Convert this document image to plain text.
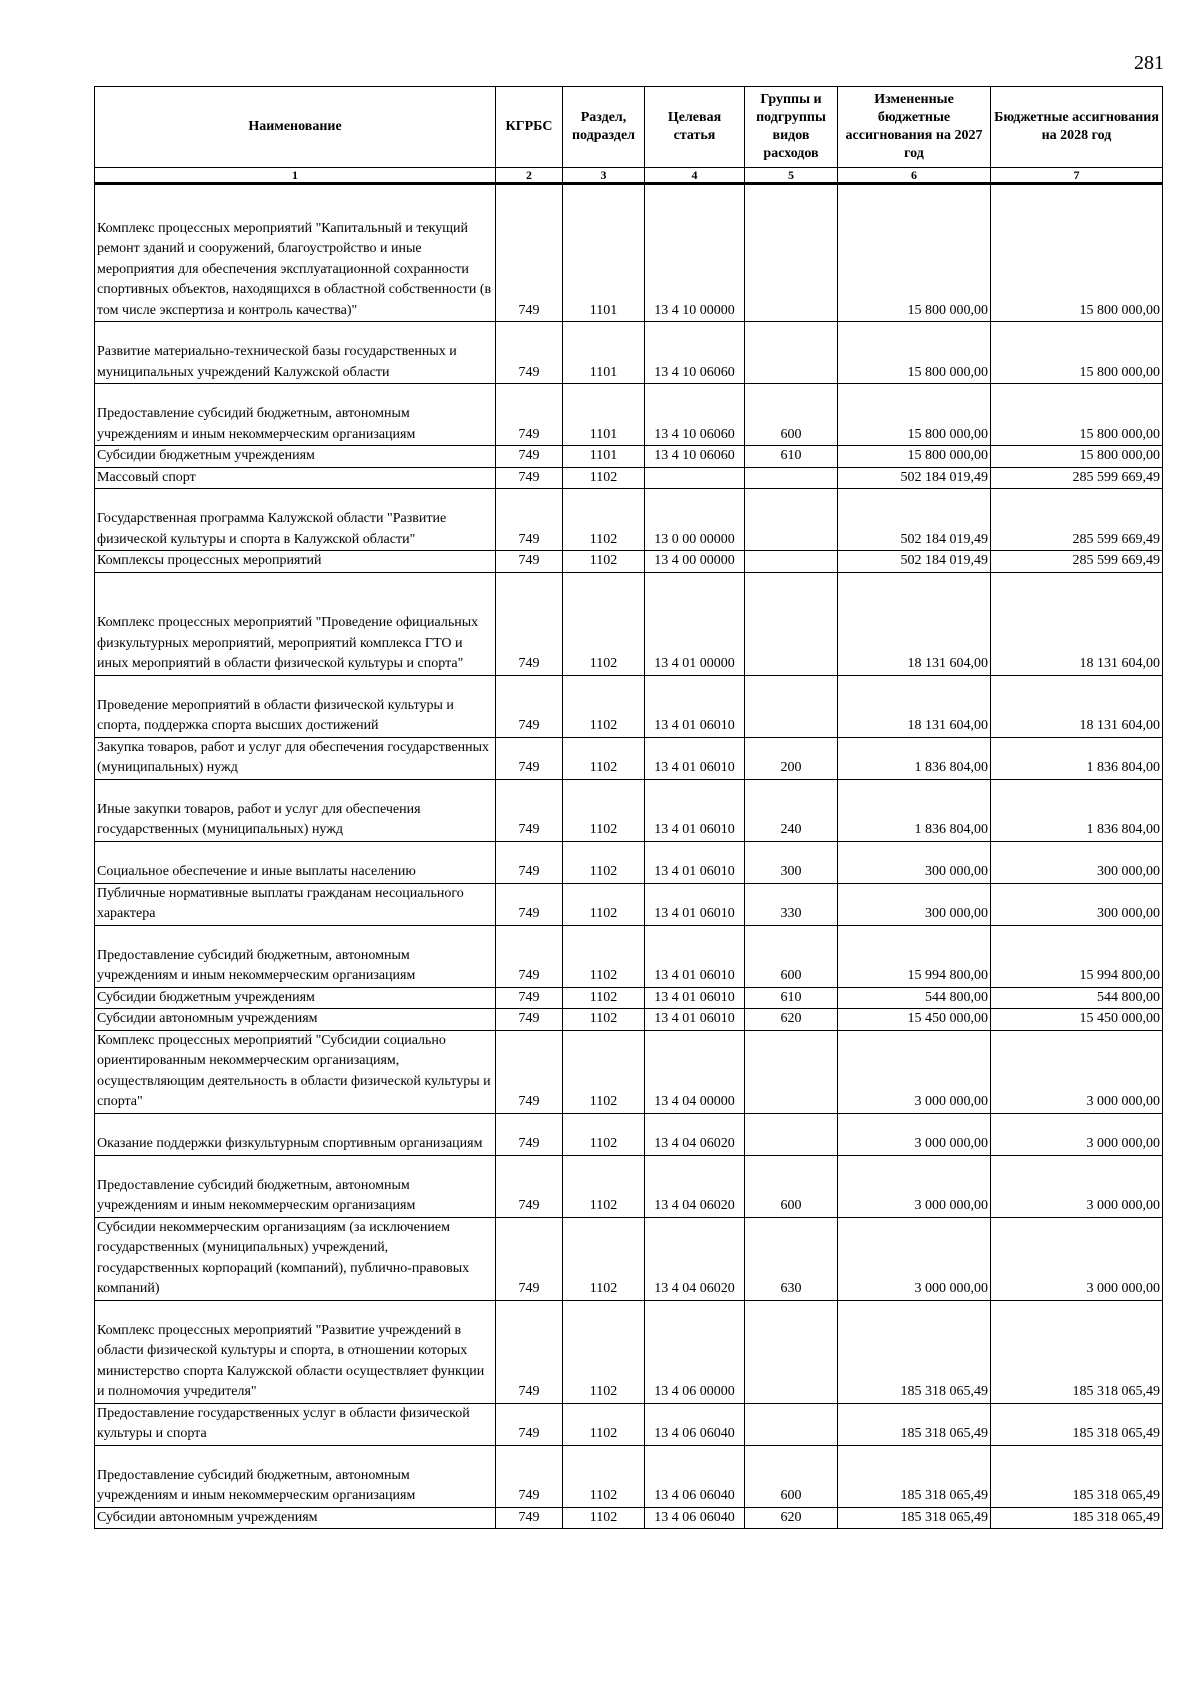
281
Наименование	КГРБС	Раздел, подраздел	Целевая статья	Группы и подгруппы видов расходов	Измененные бюджетные ассигнования на 2027 год	Бюджетные ассигнования на 2028 год
1	2	3	4	5	6	7
Комплекс процессных мероприятий "Капитальный и текущий ремонт зданий и сооружений, благоустройство и иные мероприятия для обеспечения эксплуатационной сохранности спортивных объектов, находящихся в областной собственности (в том числе экспертиза и контроль качества)"	749	1101	13 4 10 00000		15 800 000,00	15 800 000,00
Развитие материально-технической базы государственных и муниципальных учреждений Калужской области	749	1101	13 4 10 06060		15 800 000,00	15 800 000,00
Предоставление субсидий бюджетным, автономным учреждениям и иным некоммерческим организациям	749	1101	13 4 10 06060	600	15 800 000,00	15 800 000,00
Субсидии бюджетным учреждениям	749	1101	13 4 10 06060	610	15 800 000,00	15 800 000,00
Массовый спорт	749	1102			502 184 019,49	285 599 669,49
Государственная программа Калужской области "Развитие физической культуры и спорта в Калужской области"	749	1102	13 0 00 00000		502 184 019,49	285 599 669,49
Комплексы процессных мероприятий	749	1102	13 4 00 00000		502 184 019,49	285 599 669,49
Комплекс процессных мероприятий "Проведение официальных физкультурных мероприятий, мероприятий комплекса ГТО и иных мероприятий в области физической культуры и спорта"	749	1102	13 4 01 00000		18 131 604,00	18 131 604,00
Проведение мероприятий в области физической культуры и спорта, поддержка спорта высших достижений	749	1102	13 4 01 06010		18 131 604,00	18 131 604,00
Закупка товаров, работ и услуг для обеспечения государственных (муниципальных) нужд	749	1102	13 4 01 06010	200	1 836 804,00	1 836 804,00
Иные закупки товаров, работ и услуг для обеспечения государственных (муниципальных) нужд	749	1102	13 4 01 06010	240	1 836 804,00	1 836 804,00
Социальное обеспечение и иные выплаты населению	749	1102	13 4 01 06010	300	300 000,00	300 000,00
Публичные нормативные выплаты гражданам несоциального характера	749	1102	13 4 01 06010	330	300 000,00	300 000,00
Предоставление субсидий бюджетным, автономным учреждениям и иным некоммерческим организациям	749	1102	13 4 01 06010	600	15 994 800,00	15 994 800,00
Субсидии бюджетным учреждениям	749	1102	13 4 01 06010	610	544 800,00	544 800,00
Субсидии автономным учреждениям	749	1102	13 4 01 06010	620	15 450 000,00	15 450 000,00
Комплекс процессных мероприятий "Субсидии социально ориентированным некоммерческим организациям, осуществляющим деятельность в области физической культуры и спорта"	749	1102	13 4 04 00000		3 000 000,00	3 000 000,00
Оказание поддержки физкультурным спортивным организациям	749	1102	13 4 04 06020		3 000 000,00	3 000 000,00
Предоставление субсидий бюджетным, автономным учреждениям и иным некоммерческим организациям	749	1102	13 4 04 06020	600	3 000 000,00	3 000 000,00
Субсидии некоммерческим организациям (за исключением государственных (муниципальных) учреждений, государственных корпораций (компаний), публично-правовых компаний)	749	1102	13 4 04 06020	630	3 000 000,00	3 000 000,00
Комплекс процессных мероприятий "Развитие учреждений в области физической культуры и спорта, в отношении которых министерство спорта Калужской области осуществляет функции и полномочия учредителя"	749	1102	13 4 06 00000		185 318 065,49	185 318 065,49
Предоставление государственных услуг в области физической культуры и спорта	749	1102	13 4 06 06040		185 318 065,49	185 318 065,49
Предоставление субсидий бюджетным, автономным учреждениям и иным некоммерческим организациям	749	1102	13 4 06 06040	600	185 318 065,49	185 318 065,49
Субсидии автономным учреждениям	749	1102	13 4 06 06040	620	185 318 065,49	185 318 065,49
